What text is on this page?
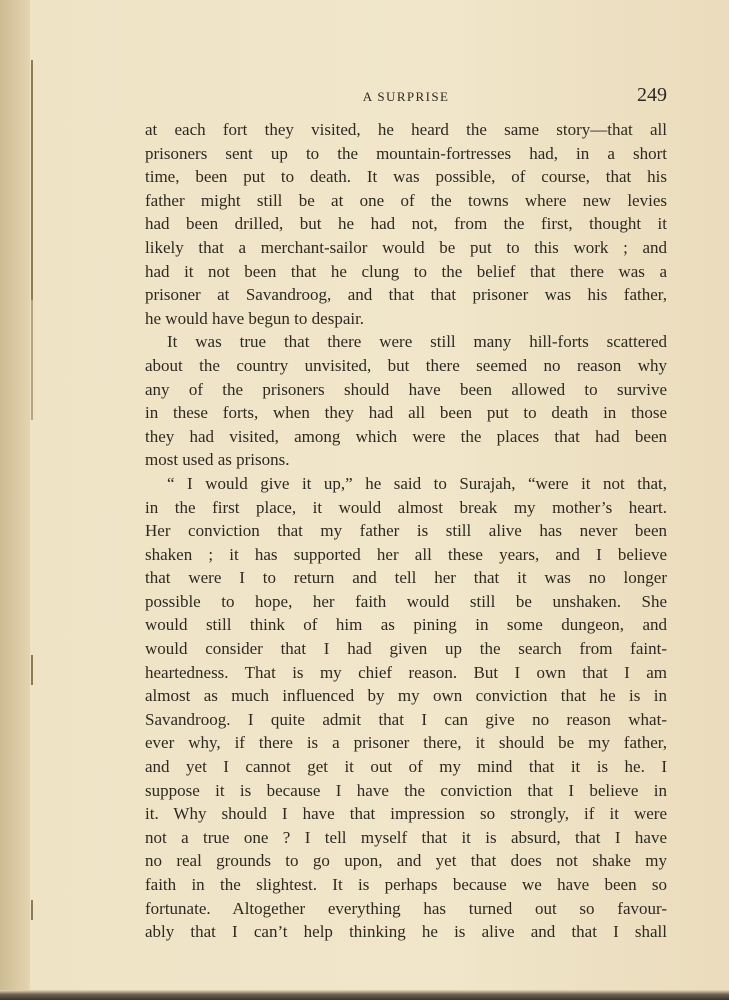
A SURPRISE	249
at each fort they visited, he heard the same story—that all
prisoners sent up to the mountain-fortresses had, in a short
time, been put to death. It was possible, of course, that his
father might still be at one of the towns where new levies
had been drilled, but he had not, from the first, thought it
likely that a merchant-sailor would be put to this work ; and
had it not been that he clung to the belief that there was a
prisoner at Savandroog, and that that prisoner was his father,
he would have begun to despair.
It was true that there were still many hill-forts scattered
about the country unvisited, but there seemed no reason why
any of the prisoners should have been allowed to survive
in these forts, when they had all been put to death in those
they had visited, among which were the places that had been
most used as prisons.
“ I would give it up,” he said to Surajah, “were it not that,
in the first place, it would almost break my mother’s heart.
Her conviction that my father is still alive has never been
shaken ; it has supported her all these years, and I believe
that were I to return and tell her that it was no longer
possible to hope, her faith would still be unshaken. She
would still think of him as pining in some dungeon, and
would consider that I had given up the search from faint-
heartedness. That is my chief reason. But I own that I am
almost as much influenced by my own conviction that he is in
Savandroog. I quite admit that I can give no reason what-
ever why, if there is a prisoner there, it should be my father,
and yet I cannot get it out of my mind that it is he. I
suppose it is because I have the conviction that I believe in
it. Why should I have that impression so strongly, if it were
not a true one ? I tell myself that it is absurd, that I have
no real grounds to go upon, and yet that does not shake my
faith in the slightest. It is perhaps because we have been so
fortunate. Altogether everything has turned out so favour-
ably that I can’t help thinking he is alive and that I shall
